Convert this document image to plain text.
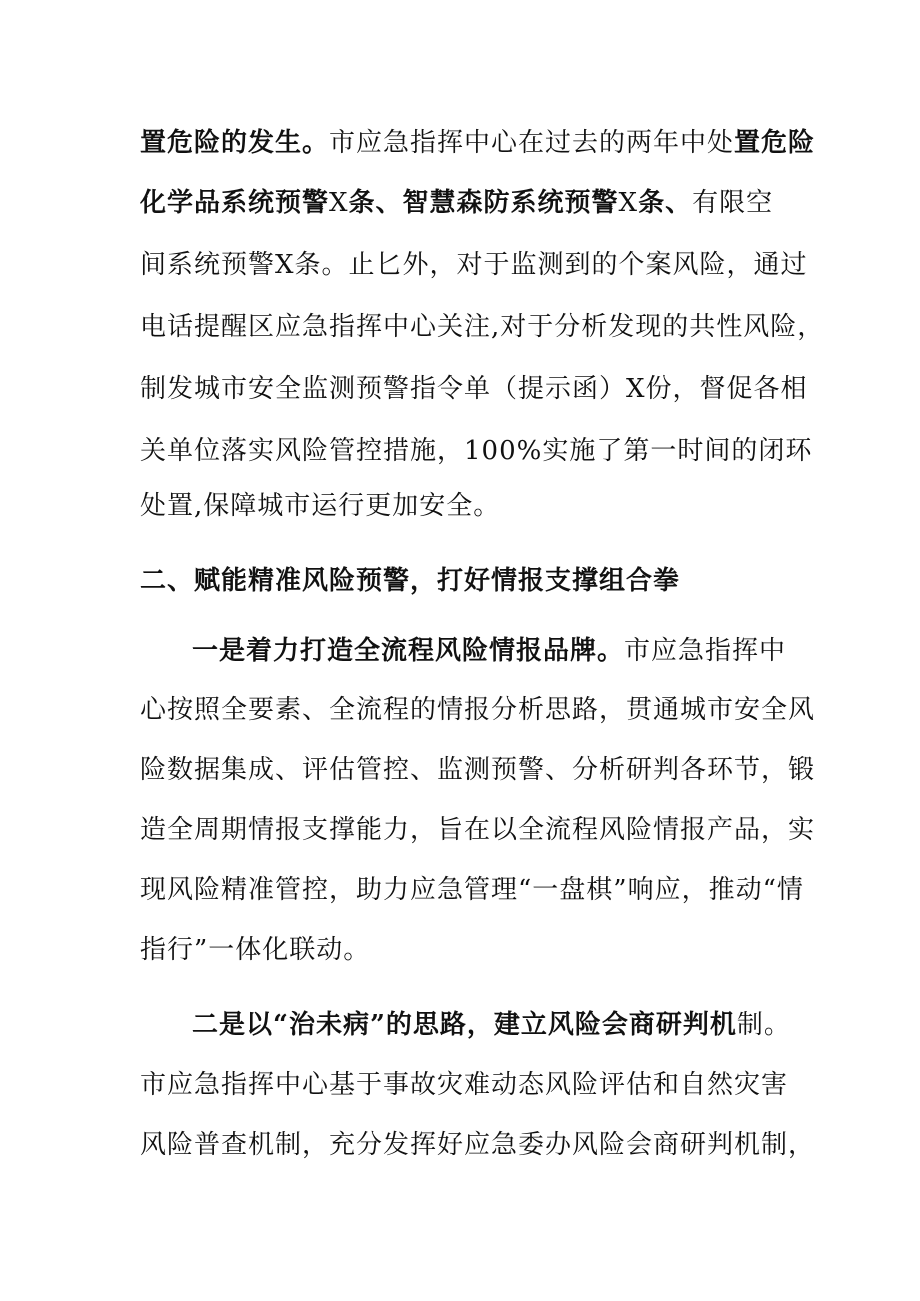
置危险的发生。市应急指挥中心在过去的两年中处置危险
化学品系统预警X条、智慧森防系统预警X条、有限空
间系统预警X条。止匕外，对于监测到的个案风险，通过
电话提醒区应急指挥中心关注,对于分析发现的共性风险，
制发城市安全监测预警指令单（提示函）X份，督促各相
关单位落实风险管控措施，100%实施了第一时间的闭环
处置,保障城市运行更加安全。
二、赋能精准风险预警，打好情报支撑组合拳
一是着力打造全流程风险情报品牌。市应急指挥中
心按照全要素、全流程的情报分析思路，贯通城市安全风
险数据集成、评估管控、监测预警、分析研判各环节，锻
造全周期情报支撑能力，旨在以全流程风险情报产品，实
现风险精准管控，助力应急管理“一盘棋”响应，推动“情
指行”一体化联动。
二是以“治未病”的思路，建立风险会商研判机制。
市应急指挥中心基于事故灾难动态风险评估和自然灾害
风险普查机制，充分发挥好应急委办风险会商研判机制，
